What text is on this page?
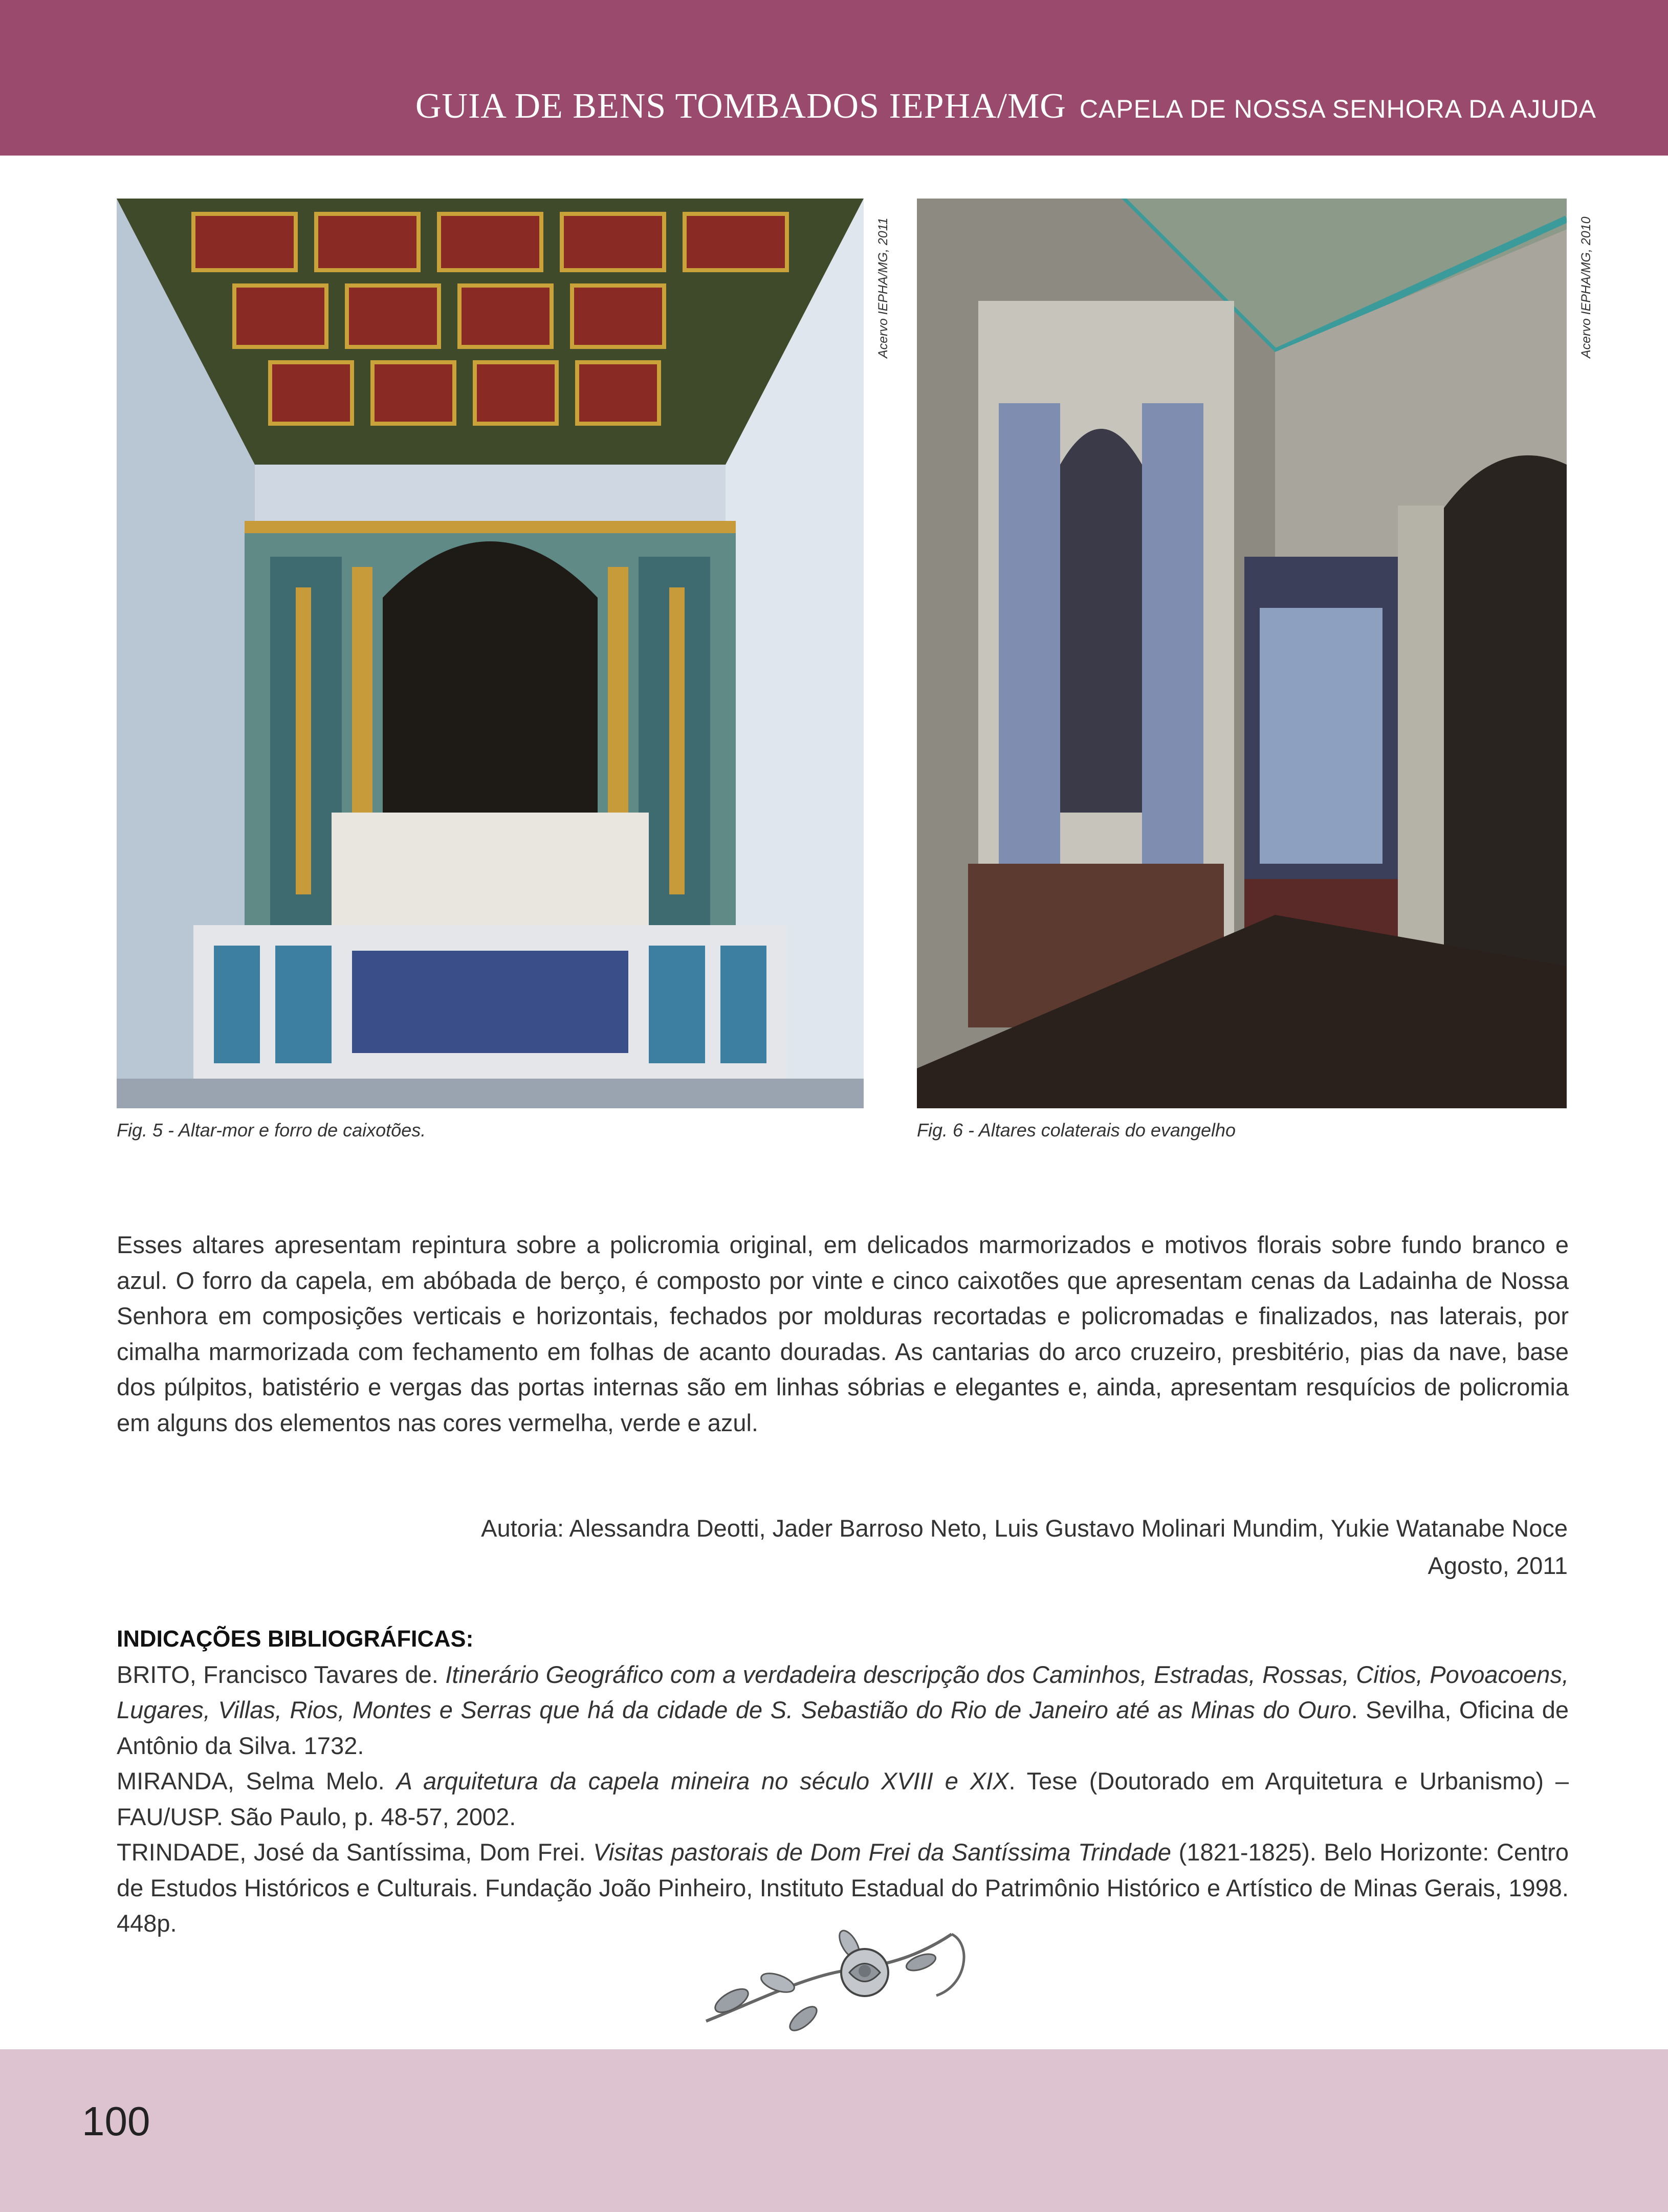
GUIA DE BENS TOMBADOS IEPHA/MG CAPELA DE NOSSA SENHORA DA AJUDA
Acervo IEPHA/MG, 2011
Fig. 5 - Altar-mor e forro de caixotões.
Acervo IEPHA/MG, 2010
Fig. 6 - Altares colaterais do evangelho
Esses altares apresentam repintura sobre a policromia original, em delicados marmorizados e motivos florais sobre fundo branco e azul. O forro da capela, em abóbada de berço, é composto por vinte e cinco caixotões que apresentam cenas da Ladainha de Nossa Senhora em composições verticais e horizontais, fechados por molduras recortadas e policromadas e finalizados, nas laterais, por cimalha marmorizada com fechamento em folhas de acanto douradas. As cantarias do arco cruzeiro, presbitério, pias da nave, base dos púlpitos, batistério e vergas das portas internas são em linhas sóbrias e elegantes e, ainda, apresentam resquícios de policromia em alguns dos elementos nas cores vermelha, verde e azul.
Autoria: Alessandra Deotti, Jader Barroso Neto, Luis Gustavo Molinari Mundim, Yukie Watanabe Noce
Agosto, 2011
INDICAÇÕES BIBLIOGRÁFICAS:

BRITO, Francisco Tavares de. Itinerário Geográfico com a verdadeira descripção dos Caminhos, Estradas, Rossas, Citios, Povoacoens, Lugares, Villas, Rios, Montes e Serras que há da cidade de S. Sebastião do Rio de Janeiro até as Minas do Ouro. Sevilha, Oficina de Antônio da Silva. 1732.

MIRANDA, Selma Melo. A arquitetura da capela mineira no século XVIII e XIX. Tese (Doutorado em Arquitetura e Urbanismo) – FAU/USP. São Paulo, p. 48-57, 2002.

TRINDADE, José da Santíssima, Dom Frei. Visitas pastorais de Dom Frei da Santíssima Trindade (1821-1825). Belo Horizonte: Centro de Estudos Históricos e Culturais. Fundação João Pinheiro, Instituto Estadual do Patrimônio Histórico e Artístico de Minas Gerais, 1998. 448p.

100
